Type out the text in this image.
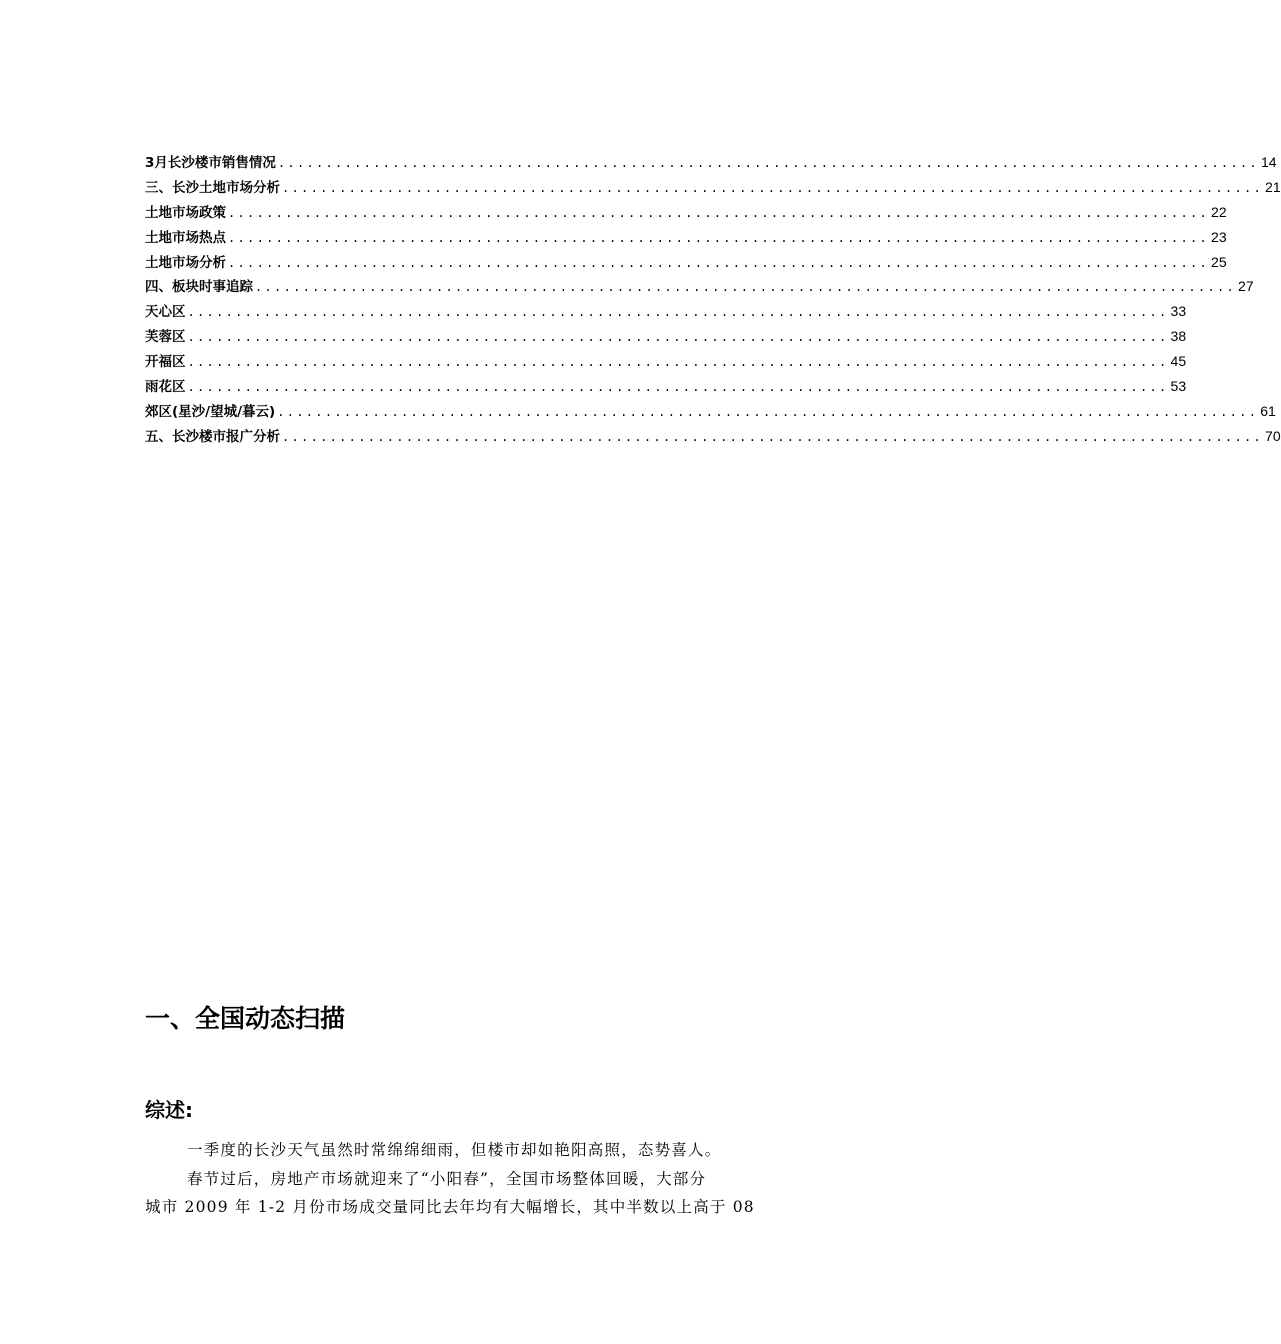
3月长沙楼市销售情况 ....................................................................................................... 14
三、长沙土地市场分析 ....................................................................................................... 21
土地市场政策 ....................................................................................................... 22
土地市场热点 ....................................................................................................... 23
土地市场分析 ....................................................................................................... 25
四、板块时事追踪 ....................................................................................................... 27
天心区 ....................................................................................................... 33
芙蓉区 ....................................................................................................... 38
开福区 ....................................................................................................... 45
雨花区 ....................................................................................................... 53
郊区(星沙/望城/暮云) ....................................................................................................... 61
五、长沙楼市报广分析 ....................................................................................................... 70
一、全国动态扫描
综述:

一季度的长沙天气虽然时常绵绵细雨，但楼市却如艳阳高照，态势喜人。

春节过后，房地产市场就迎来了“小阳春”，全国市场整体回暖，大部分

城市 2009 年 1-2 月份市场成交量同比去年均有大幅增长，其中半数以上高于 08
